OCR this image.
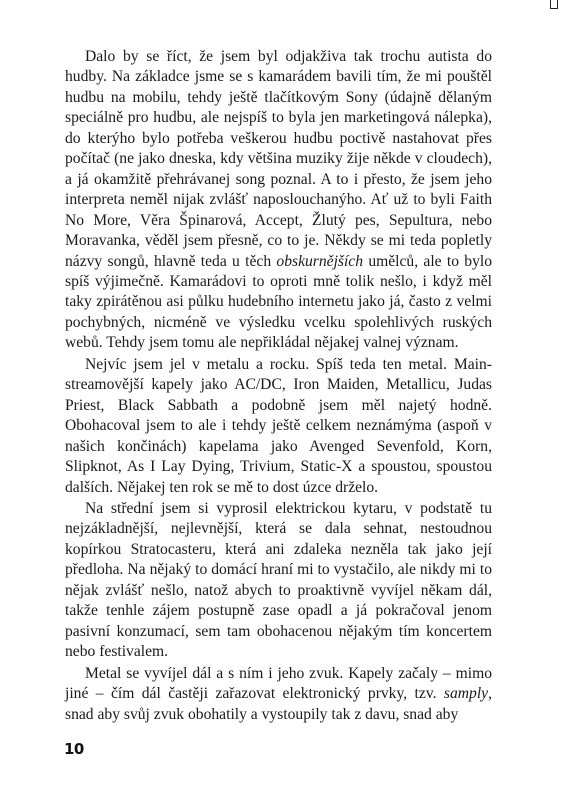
Dalo by se říct, že jsem byl odjakživa tak trochu autista do hudby. Na základce jsme se s kamarádem bavili tím, že mi pouštěl hudbu na mobilu, tehdy ještě tlačítkovým Sony (údajně dělaným speciálně pro hudbu, ale nejspíš to byla jen marketingová nálepka), do kterýho bylo potřeba veškerou hudbu poctivě nastahovat přes počítač (ne jako dneska, kdy většina muziky žije někde v cloudech), a já okamžitě přehrávanej song poznal. A to i přesto, že jsem jeho interpreta neměl nijak zvlášť naposlouchanýho. Ať už to byli Faith No More, Věra Špinarová, Accept, Žlutý pes, Sepultura, nebo Moravanka, věděl jsem přesně, co to je. Někdy se mi teda popletly názvy songů, hlavně teda u těch obskurnějších umělců, ale to bylo spíš výjimečně. Kamarádovi to oproti mně tolik nešlo, i když měl taky zpirátěnou asi půlku hudebního internetu jako já, často z velmi pochybných, nicméně ve výsledku vcelku spolehlivých ruských webů. Tehdy jsem tomu ale nepřikládal nějakej valnej význam.

Nejvíc jsem jel v metalu a rocku. Spíš teda ten metal. Mainstreamovější kapely jako AC/DC, Iron Maiden, Metallicu, Judas Priest, Black Sabbath a podobně jsem měl najetý hodně. Obohacoval jsem to ale i tehdy ještě celkem neznámýma (aspoň v našich končinách) kapelama jako Avenged Sevenfold, Korn, Slipknot, As I Lay Dying, Trivium, Static-X a spoustou, spoustou dalších. Nějakej ten rok se mě to dost úzce drželo.

Na střední jsem si vyprosil elektrickou kytaru, v podstatě tu nejzákladnější, nejlevnější, která se dala sehnat, nestoudnou kopírkou Stratocasteru, která ani zdaleka nezněla tak jako její předloha. Na nějaký to domácí hraní mi to vystačilo, ale nikdy mi to nějak zvlášť nešlo, natož abych to proaktivně vyvíjel někam dál, takže tenhle zájem postupně zase opadl a já pokračoval jenom pasivní konzumací, sem tam obohacenou nějakým tím koncertem nebo festivalem.

Metal se vyvíjel dál a s ním i jeho zvuk. Kapely začaly – mimo jiné – čím dál častěji zařazovat elektronický prvky, tzv. samply, snad aby svůj zvuk obohatily a vystoupily tak z davu, snad aby

10
